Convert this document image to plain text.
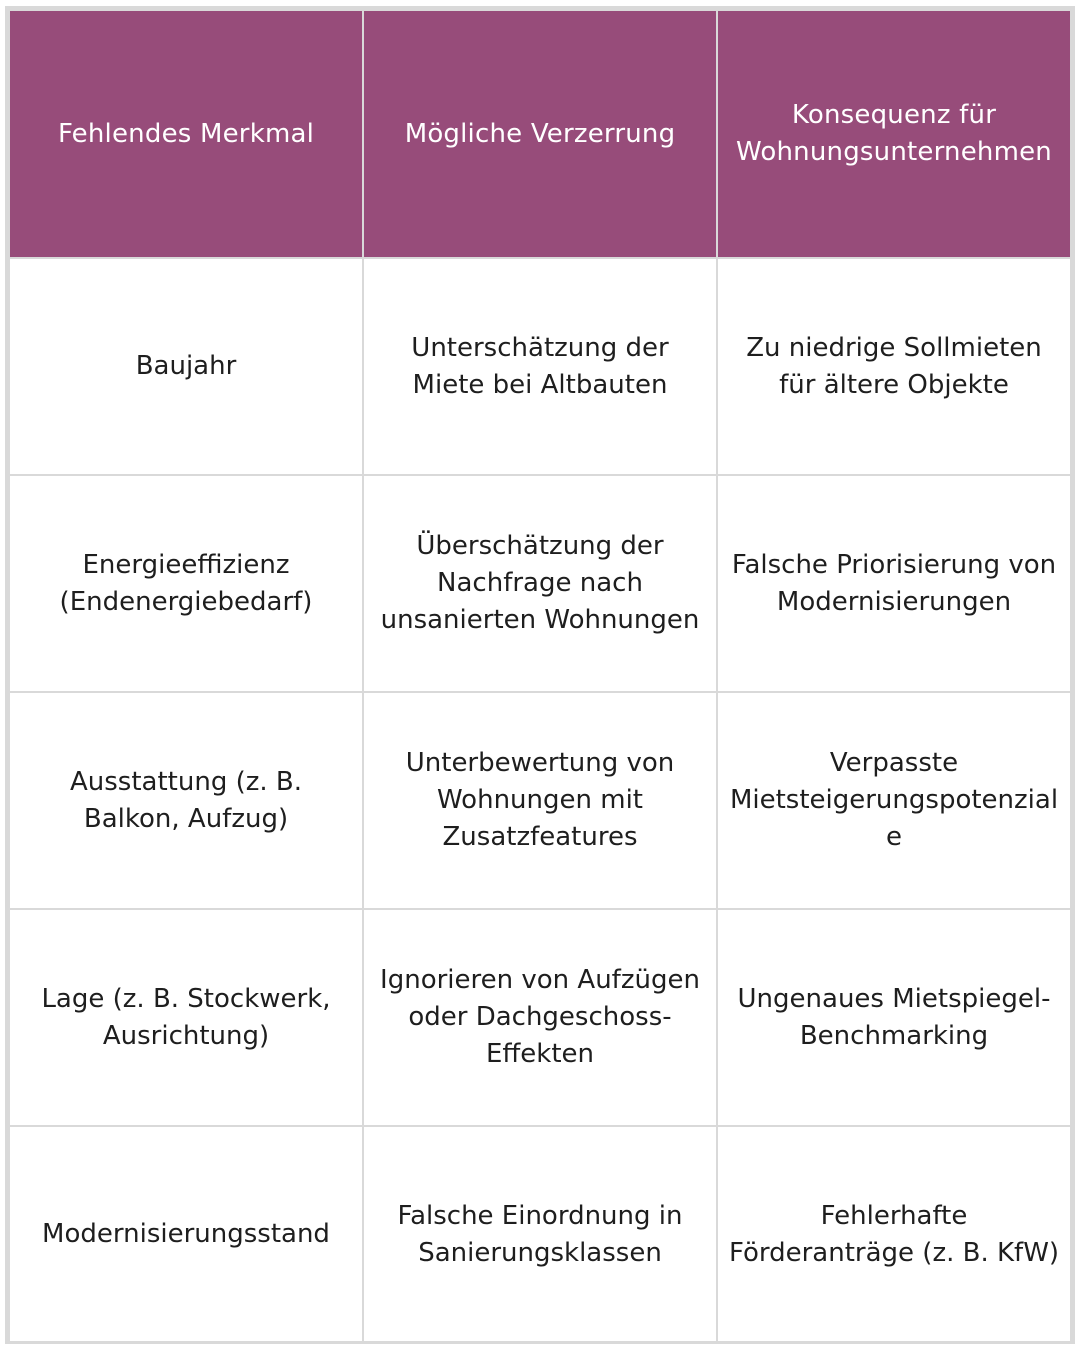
Fehlendes Merkmal	Mögliche Verzerrung	Konsequenz für Wohnungsunternehmen
Baujahr	Unterschätzung der Miete bei Altbauten	Zu niedrige Sollmieten für ältere Objekte
Energieeffizienz (Endenergiebedarf)	Überschätzung der Nachfrage nach unsanierten Wohnungen	Falsche Priorisierung von Modernisierungen
Ausstattung (z. B. Balkon, Aufzug)	Unterbewertung von Wohnungen mit Zusatzfeatures	Verpasste Mietsteigerungspotenziale
Lage (z. B. Stockwerk, Ausrichtung)	Ignorieren von Aufzügen oder Dachgeschoss-Effekten	Ungenaues Mietspiegel-Benchmarking
Modernisierungsstand	Falsche Einordnung in Sanierungsklassen	Fehlerhafte Förderanträge (z. B. KfW)
